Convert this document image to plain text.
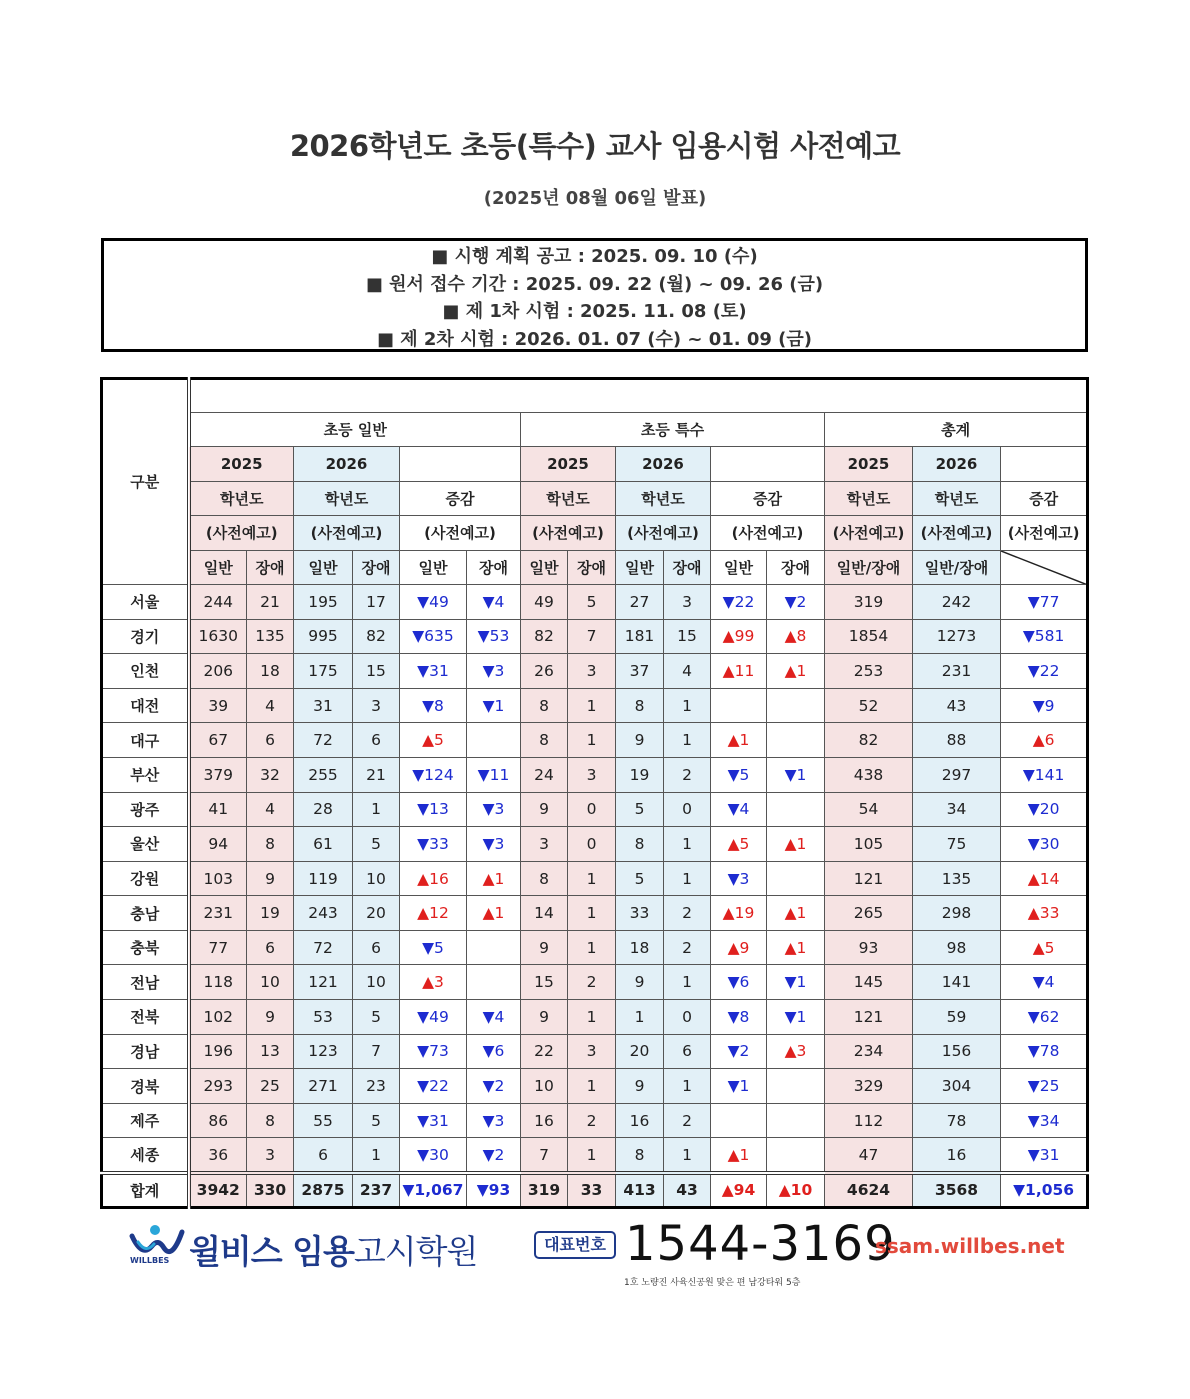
2026학년도 초등(특수) 교사 임용시험 사전예고
(2025년 08월 06일 발표)
■ 시행 계획 공고 : 2025. 09. 10 (수)
■ 원서 접수 기간 : 2025. 09. 22 (월) ~ 09. 26 (금)
■ 제 1차 시험 : 2025. 11. 08 (토)
■ 제 2차 시험 : 2026. 01. 07 (수) ~ 01. 09 (금)
구분															
	초등 일반						초등 특수						총계		
	2025		2026				2025		2026				2025	2026	
	학년도		학년도		증감		학년도		학년도		증감		학년도	학년도	증감
	(사전예고)		(사전예고)		(사전예고)		(사전예고)		(사전예고)		(사전예고)		(사전예고)	(사전예고)	(사전예고)
	일반	장애	일반	장애	일반	장애	일반	장애	일반	장애	일반	장애	일반/장애	일반/장애	

서울	244	21	195	17	▼49	▼4	49	5	27	3	▼22	▼2	319	242	▼77
경기	1630	135	995	82	▼635	▼53	82	7	181	15	▲99	▲8	1854	1273	▼581
인천	206	18	175	15	▼31	▼3	26	3	37	4	▲11	▲1	253	231	▼22
대전	39	4	31	3	▼8	▼1	8	1	8	1			52	43	▼9
대구	67	6	72	6	▲5		8	1	9	1	▲1		82	88	▲6
부산	379	32	255	21	▼124	▼11	24	3	19	2	▼5	▼1	438	297	▼141
광주	41	4	28	1	▼13	▼3	9	0	5	0	▼4		54	34	▼20
울산	94	8	61	5	▼33	▼3	3	0	8	1	▲5	▲1	105	75	▼30
강원	103	9	119	10	▲16	▲1	8	1	5	1	▼3		121	135	▲14
충남	231	19	243	20	▲12	▲1	14	1	33	2	▲19	▲1	265	298	▲33
충북	77	6	72	6	▼5		9	1	18	2	▲9	▲1	93	98	▲5
전남	118	10	121	10	▲3		15	2	9	1	▼6	▼1	145	141	▼4
전북	102	9	53	5	▼49	▼4	9	1	1	0	▼8	▼1	121	59	▼62
경남	196	13	123	7	▼73	▼6	22	3	20	6	▼2	▲3	234	156	▼78
경북	293	25	271	23	▼22	▼2	10	1	9	1	▼1		329	304	▼25
제주	86	8	55	5	▼31	▼3	16	2	16	2			112	78	▼34
세종	36	3	6	1	▼30	▼2	7	1	8	1	▲1		47	16	▼31
합계	3942	330	2875	237	▼1,067	▼93	319	33	413	43	▲94	▲10	4624	3568	▼1,056
WILLBES 윌비스 임용고시학원	대표번호 1544-3169
ssam.willbes.net
1호 노량진 사육신공원 맞은 편 남강타워 5층
